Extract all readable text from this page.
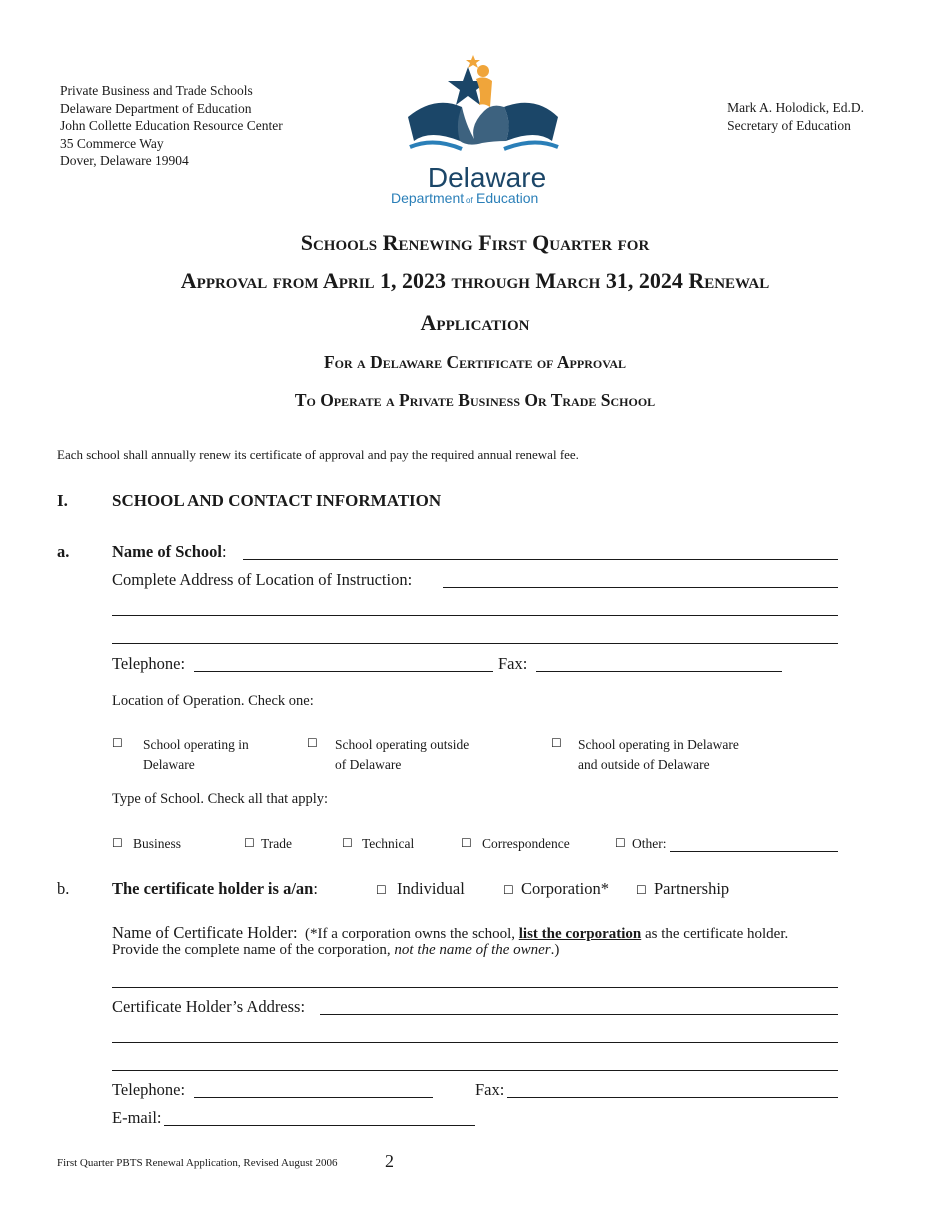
Private Business and Trade Schools
Delaware Department of Education
John Collette Education Resource Center
35 Commerce Way
Dover, Delaware 19904
Delaware
Department of Education
Mark A. Holodick, Ed.D.
Secretary of Education
Schools Renewing First Quarter for
Approval from April 1, 2023 through March 31, 2024 Renewal
Application
For a Delaware Certificate of Approval
To Operate a Private Business Or Trade School
Each school shall annually renew its certificate of approval and pay the required annual renewal fee.
I.	SCHOOL AND CONTACT INFORMATION
a.	Name of School:
Complete Address of Location of Instruction:
Telephone:	Fax:
Location of Operation. Check one:
☐ School operating in
Delaware
☐ School operating outside
of Delaware
☐ School operating in Delaware
and outside of Delaware
Type of School. Check all that apply:
☐ Business	☐ Trade	☐ Technical	☐ Correspondence	☐ Other:
b.	The certificate holder is a/an:	☐ Individual	☐ Corporation* ☐ Partnership
Name of Certificate Holder: (*If a corporation owns the school, list the corporation as the certificate holder.
Provide the complete name of the corporation, not the name of the owner.)
Certificate Holder’s Address:
Telephone:	Fax:
E-mail:
First Quarter PBTS Renewal Application, Revised August 2006	2
